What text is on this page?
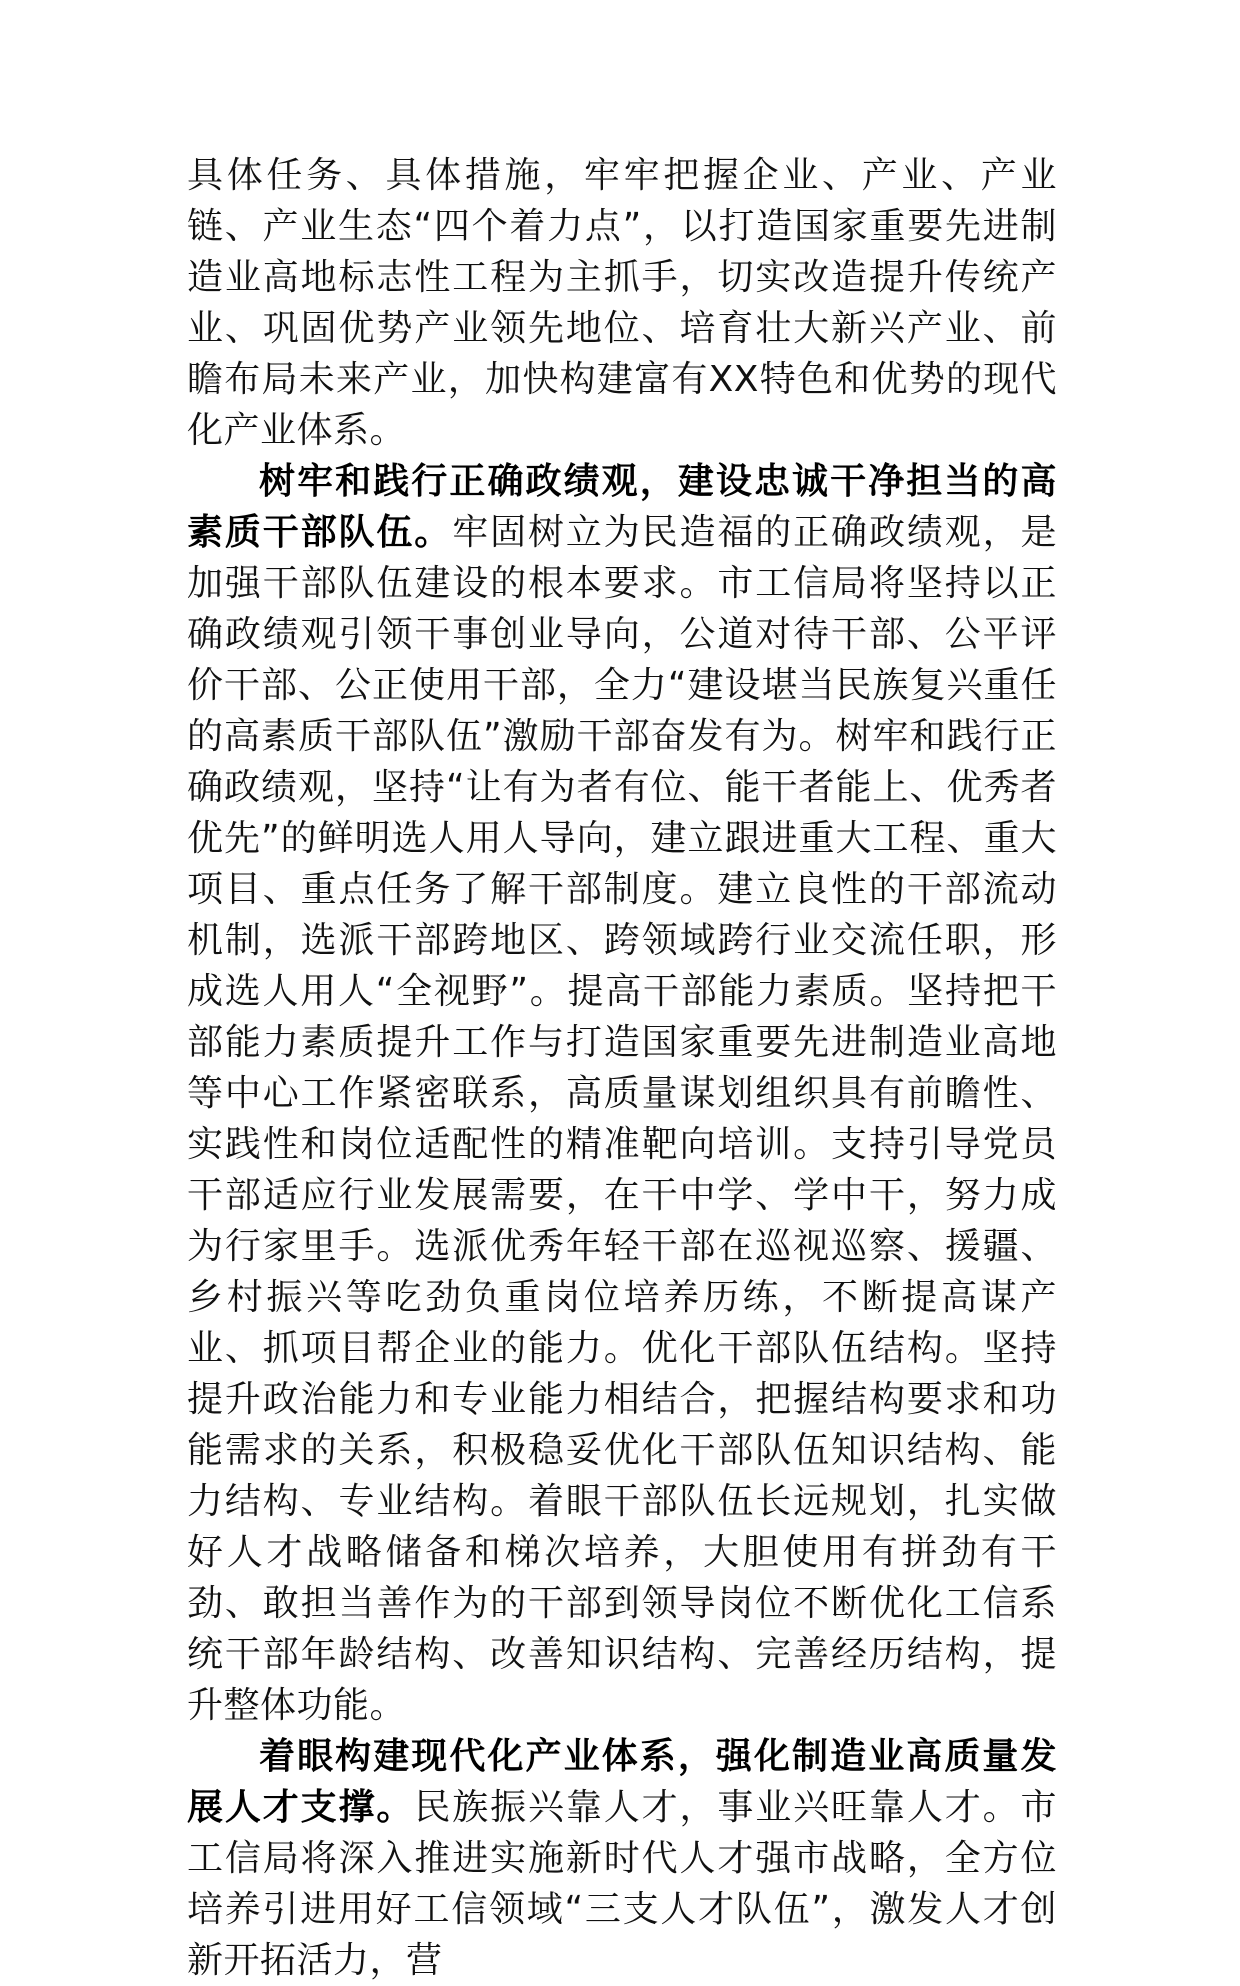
具体任务、具体措施，牢牢把握企业、产业、产业链、产业生态“四个着力点”，以打造国家重要先进制造业高地标志性工程为主抓手，切实改造提升传统产业、巩固优势产业领先地位、培育壮大新兴产业、前瞻布局未来产业，加快构建富有XX特色和优势的现代化产业体系。

树牢和践行正确政绩观，建设忠诚干净担当的高素质干部队伍。牢固树立为民造福的正确政绩观，是加强干部队伍建设的根本要求。市工信局将坚持以正确政绩观引领干事创业导向，公道对待干部、公平评价干部、公正使用干部，全力“建设堪当民族复兴重任的高素质干部队伍”激励干部奋发有为。树牢和践行正确政绩观，坚持“让有为者有位、能干者能上、优秀者优先”的鲜明选人用人导向，建立跟进重大工程、重大项目、重点任务了解干部制度。建立良性的干部流动机制，选派干部跨地区、跨领域跨行业交流任职，形成选人用人“全视野”。提高干部能力素质。坚持把干部能力素质提升工作与打造国家重要先进制造业高地等中心工作紧密联系，高质量谋划组织具有前瞻性、实践性和岗位适配性的精准靶向培训。支持引导党员干部适应行业发展需要，在干中学、学中干，努力成为行家里手。选派优秀年轻干部在巡视巡察、援疆、乡村振兴等吃劲负重岗位培养历练，不断提高谋产业、抓项目帮企业的能力。优化干部队伍结构。坚持提升政治能力和专业能力相结合，把握结构要求和功能需求的关系，积极稳妥优化干部队伍知识结构、能力结构、专业结构。着眼干部队伍长远规划，扎实做好人才战略储备和梯次培养，大胆使用有拼劲有干劲、敢担当善作为的干部到领导岗位不断优化工信系统干部年龄结构、改善知识结构、完善经历结构，提升整体功能。

着眼构建现代化产业体系，强化制造业高质量发展人才支撑。民族振兴靠人才，事业兴旺靠人才。市工信局将深入推进实施新时代人才强市战略，全方位培养引进用好工信领域“三支人才队伍”，激发人才创新开拓活力，营
